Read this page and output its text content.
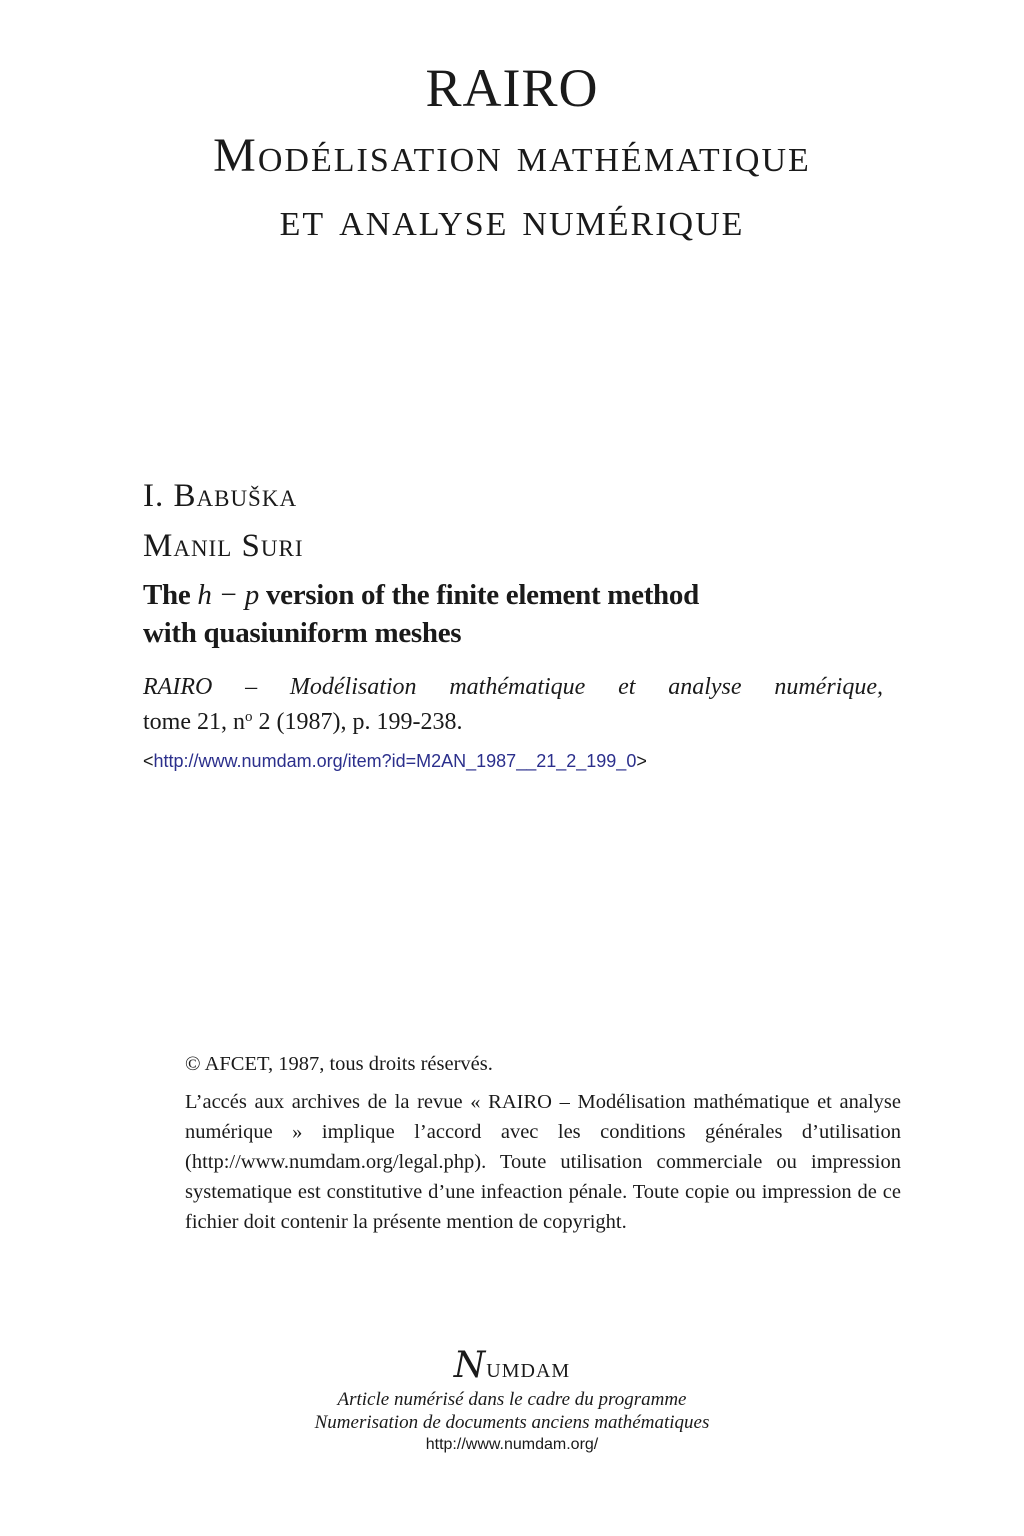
RAIRO
Modélisation mathématique
et analyse numérique
I. Babuška
Manil Suri
The h − p version of the finite element method
with quasiuniform meshes
RAIRO – Modélisation mathématique et analyse numérique,
tome 21, $n^o$ 2 (1987), p. 199-238.
<http://www.numdam.org/item?id=M2AN_1987__21_2_199_0>
© AFCET, 1987, tous droits réservés.
L’accés aux archives de la revue « RAIRO – Modélisation mathématique et analyse numérique » implique l’accord avec les conditions générales d’utilisation (http://www.numdam.org/legal.php). Toute utilisation commerciale ou impression systematique est constitutive d’une infeaction pénale. Toute copie ou impression de ce fichier doit contenir la présente mention de copyright.
Numdam
Article numérisé dans le cadre du programme
Numerisation de documents anciens mathématiques
http://www.numdam.org/
